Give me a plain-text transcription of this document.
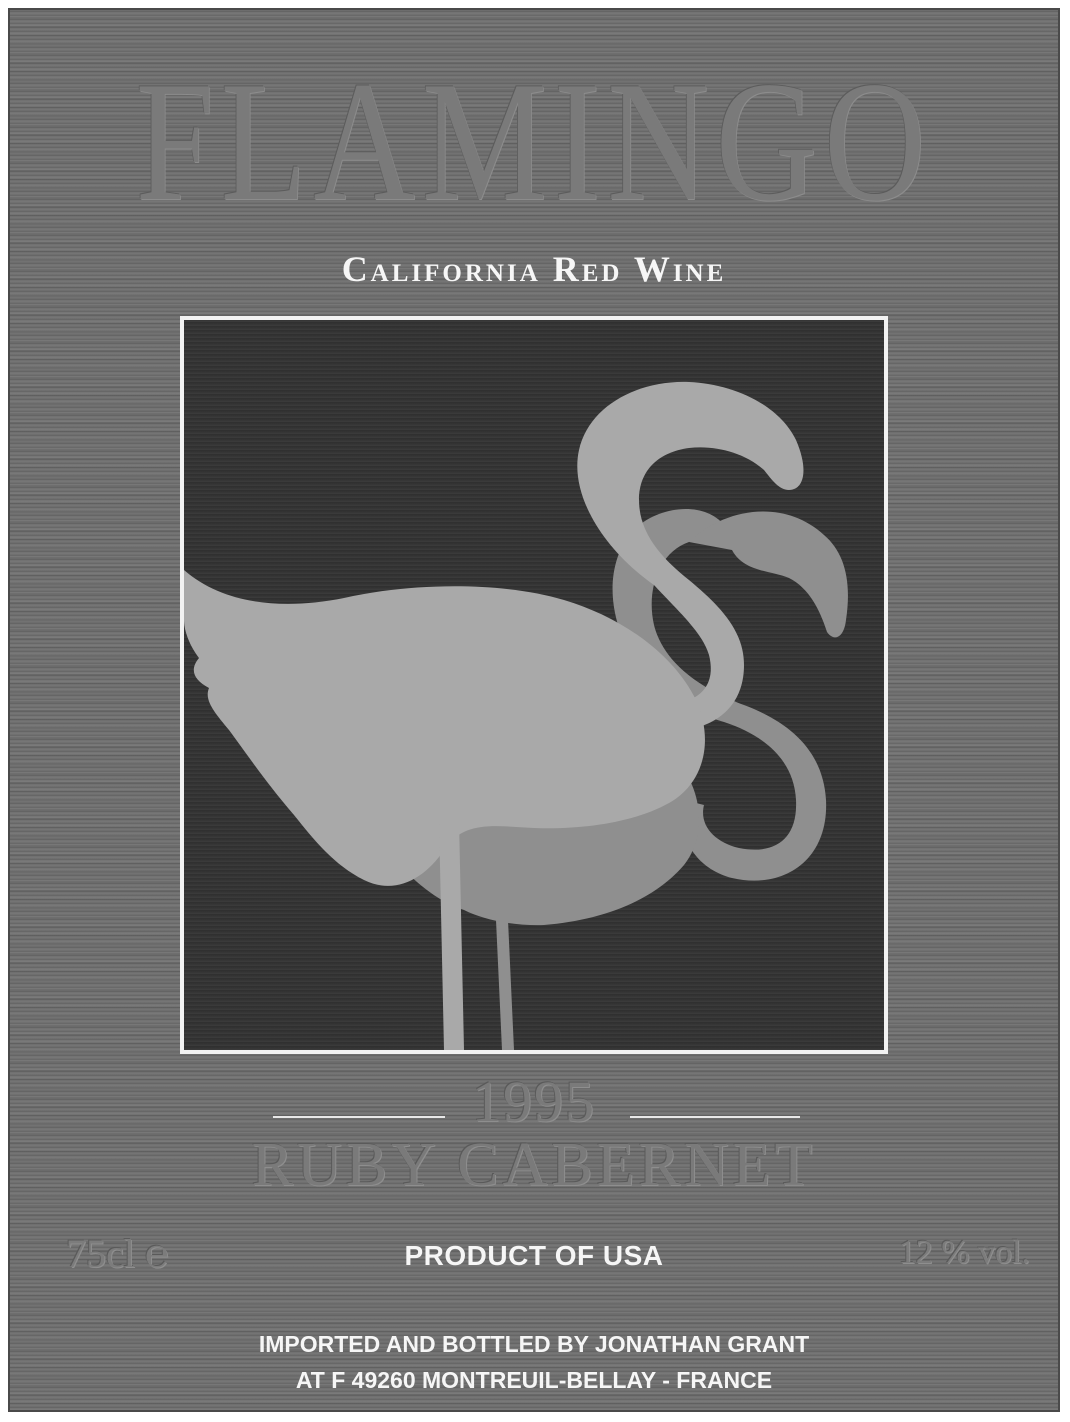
FLAMINGO
California Red Wine
1995
RUBY CABERNET
75cl ℮	PRODUCT OF USA	12 % vol.
IMPORTED AND BOTTLED BY JONATHAN GRANT
AT F 49260 MONTREUIL-BELLAY - FRANCE
